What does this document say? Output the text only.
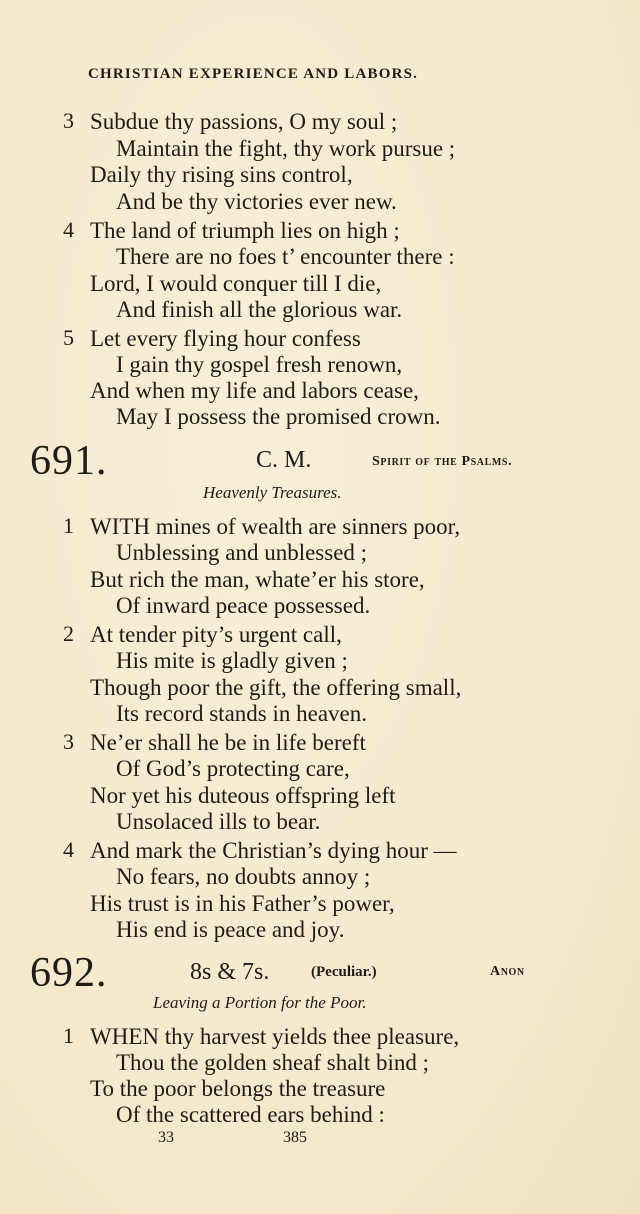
CHRISTIAN EXPERIENCE AND LABORS.
3 Subdue thy passions, O my soul ;
Maintain the fight, thy work pursue ;
Daily thy rising sins control,
And be thy victories ever new.
4 The land of triumph lies on high ;
There are no foes t’ encounter there :
Lord, I would conquer till I die,
And finish all the glorious war.
5 Let every flying hour confess
I gain thy gospel fresh renown,
And when my life and labors cease,
May I possess the promised crown.
691.	C. M.	Spirit of the Psalms.
Heavenly Treasures.
1 WITH mines of wealth are sinners poor,
Unblessing and unblessed ;
But rich the man, whate’er his store,
Of inward peace possessed.
2 At tender pity’s urgent call,
His mite is gladly given ;
Though poor the gift, the offering small,
Its record stands in heaven.
3 Ne’er shall he be in life bereft
Of God’s protecting care,
Nor yet his duteous offspring left
Unsolaced ills to bear.
4 And mark the Christian’s dying hour —
No fears, no doubts annoy ;
His trust is in his Father’s power,
His end is peace and joy.
692.	8s & 7s.	(Peculiar.)	Anon
Leaving a Portion for the Poor.
1 WHEN thy harvest yields thee pleasure,
Thou the golden sheaf shalt bind ;
To the poor belongs the treasure
Of the scattered ears behind :
33	385
